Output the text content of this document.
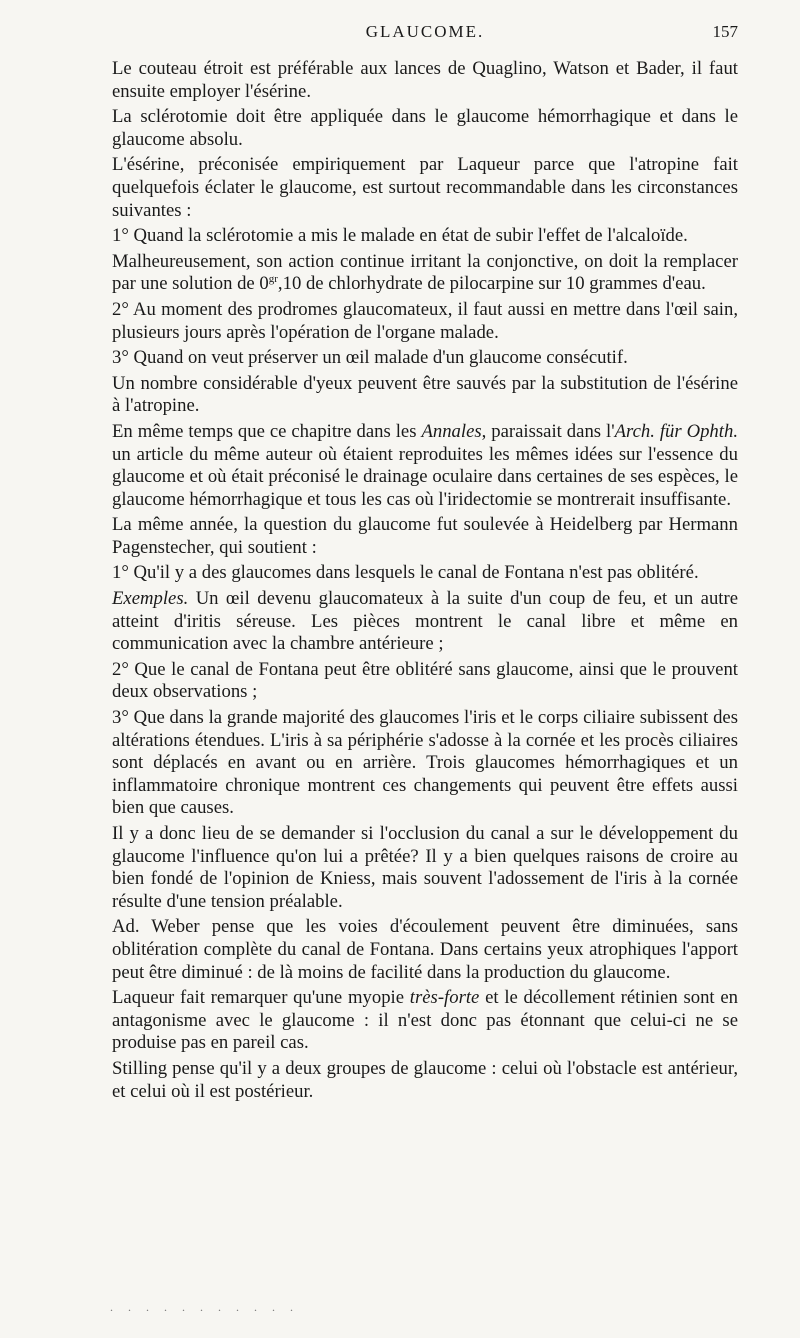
GLAUCOME.	157

Le couteau étroit est préférable aux lances de Quaglino, Watson et Bader, il faut ensuite employer l'ésérine.

La sclérotomie doit être appliquée dans le glaucome hémorrhagique et dans le glaucome absolu.

L'ésérine, préconisée empiriquement par Laqueur parce que l'atropine fait quelquefois éclater le glaucome, est surtout recommandable dans les circonstances suivantes :

1° Quand la sclérotomie a mis le malade en état de subir l'effet de l'alcaloïde.

Malheureusement, son action continue irritant la conjonctive, on doit la remplacer par une solution de $0^{gr},10$ de chlorhydrate de pilocarpine sur 10 grammes d'eau.

2° Au moment des prodromes glaucomateux, il faut aussi en mettre dans l'œil sain, plusieurs jours après l'opération de l'organe malade.

3° Quand on veut préserver un œil malade d'un glaucome consécutif.

Un nombre considérable d'yeux peuvent être sauvés par la substitution de l'ésérine à l'atropine.

En même temps que ce chapitre dans les Annales, paraissait dans l'Arch. für Ophth. un article du même auteur où étaient reproduites les mêmes idées sur l'essence du glaucome et où était préconisé le drainage oculaire dans certaines de ses espèces, le glaucome hémorrhagique et tous les cas où l'iridectomie se montrerait insuffisante.

La même année, la question du glaucome fut soulevée à Heidelberg par Hermann Pagenstecher, qui soutient :

1° Qu'il y a des glaucomes dans lesquels le canal de Fontana n'est pas oblitéré.

Exemples. Un œil devenu glaucomateux à la suite d'un coup de feu, et un autre atteint d'iritis séreuse. Les pièces montrent le canal libre et même en communication avec la chambre antérieure ;

2° Que le canal de Fontana peut être oblitéré sans glaucome, ainsi que le prouvent deux observations ;

3° Que dans la grande majorité des glaucomes l'iris et le corps ciliaire subissent des altérations étendues. L'iris à sa périphérie s'adosse à la cornée et les procès ciliaires sont déplacés en avant ou en arrière. Trois glaucomes hémorrhagiques et un inflammatoire chronique montrent ces changements qui peuvent être effets aussi bien que causes.

Il y a donc lieu de se demander si l'occlusion du canal a sur le développement du glaucome l'influence qu'on lui a prêtée? Il y a bien quelques raisons de croire au bien fondé de l'opinion de Kniess, mais souvent l'adossement de l'iris à la cornée résulte d'une tension préalable.

Ad. Weber pense que les voies d'écoulement peuvent être diminuées, sans oblitération complète du canal de Fontana. Dans certains yeux atrophiques l'apport peut être diminué : de là moins de facilité dans la production du glaucome.

Laqueur fait remarquer qu'une myopie très-forte et le décollement rétinien sont en antagonisme avec le glaucome : il n'est donc pas étonnant que celui-ci ne se produise pas en pareil cas.

Stilling pense qu'il y a deux groupes de glaucome : celui où l'obstacle est antérieur, et celui où il est postérieur.

. . . . . . . . . . .
